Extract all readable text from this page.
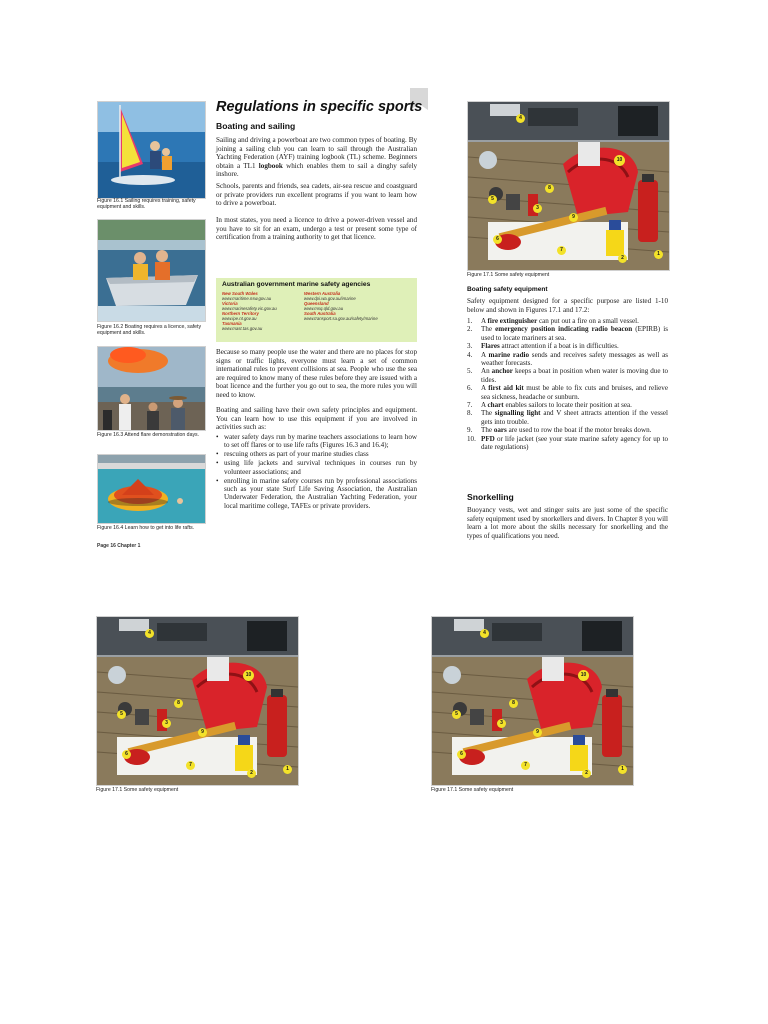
Figure 16.1 Sailing requires training, safety equipment and skills.
Figure 16.2 Boating requires a licence, safety equipment and skills.
Figure 16.3 Attend flare demonstration days.
Figure 16.4 Learn how to get into life rafts.
Regulations in specific sports
Boating and sailing
Sailing and driving a powerboat are two common types of boating. By joining a sailing club you can learn to sail through the Australian Yachting Federation (AYF) training logbook (TL) scheme. Beginners obtain a TL1 logbook which enables them to sail a dinghy safely inshore.
Schools, parents and friends, sea cadets, air-sea rescue and coastguard or private providers run excellent programs if you want to learn how to drive a powerboat.
In most states, you need a licence to drive a power-driven vessel and you have to sit for an exam, undergo a test or present some type of certification from a training authority to get that licence.
Australian government marine safety agencies
New South Wales
www.maritime.nsw.gov.au
Victoria
www.marinesafety.vic.gov.au
Northern Territory
www.ipe.nt.gov.au
Tasmania
www.mast.tas.gov.au
Western Australia
www.dpi.wa.gov.au/imarine
Queensland
www.msq.qld.gov.au
South Australia
www.transport.sa.gov.au/safety/marine
Because so many people use the water and there are no places for stop signs or traffic lights, everyone must learn a set of common international rules to prevent collisions at sea. People who use the sea are required to know many of these rules before they are issued with a boat licence and the further you go out to sea, the more rules you will need to know.
Boating and sailing have their own safety principles and equipment. You can learn how to use this equipment if you are involved in activities such as:
• water safety days run by marine teachers associations to learn how to set off flares or to use life rafts (Figures 16.3 and 16.4);
• rescuing others as part of your marine studies class
• using life jackets and survival techniques in courses run by volunteer associations; and
• enrolling in marine safety courses run by professional associations such as your state Surf Life Saving Association, the Australian Underwater Federation, the Australian Yachting Federation, your local maritime college, TAFEs or private providers.
Page 16 Chapter 1
4
10
8
5
3
9
6
7
2
1
Figure 17.1 Some safety equipment
Boating safety equipment
Safety equipment designed for a specific purpose are listed 1-10 below and shown in Figures 17.1 and 17.2:
1. A fire extinguisher can put out a fire on a small vessel.
2. The emergency position indicating radio beacon (EPIRB) is used to locate mariners at sea.
3. Flares attract attention if a boat is in difficulties.
4. A marine radio sends and receives safety messages as well as weather forecasts.
5. An anchor keeps a boat in position when water is moving due to tides.
6. A first aid kit must be able to fix cuts and bruises, and relieve sea sickness, headache or sunburn.
7. A chart enables sailors to locate their position at sea.
8. The signalling light and V sheet attracts attention if the vessel gets into trouble.
9. The oars are used to row the boat if the motor breaks down.
10. PFD or life jacket (see your state marine safety agency for up to date regulations)
Snorkelling
Buoyancy vests, wet and stinger suits are just some of the specific safety equipment used by snorkellers and divers. In Chapter 8 you will learn a lot more about the skills necessary for snorkelling and the types of qualifications you need.
4
10
8
5
3
9
6
7
2
1
Figure 17.1 Some safety equipment
4
10
8
5
3
9
6
7
2
1
Figure 17.1 Some safety equipment
